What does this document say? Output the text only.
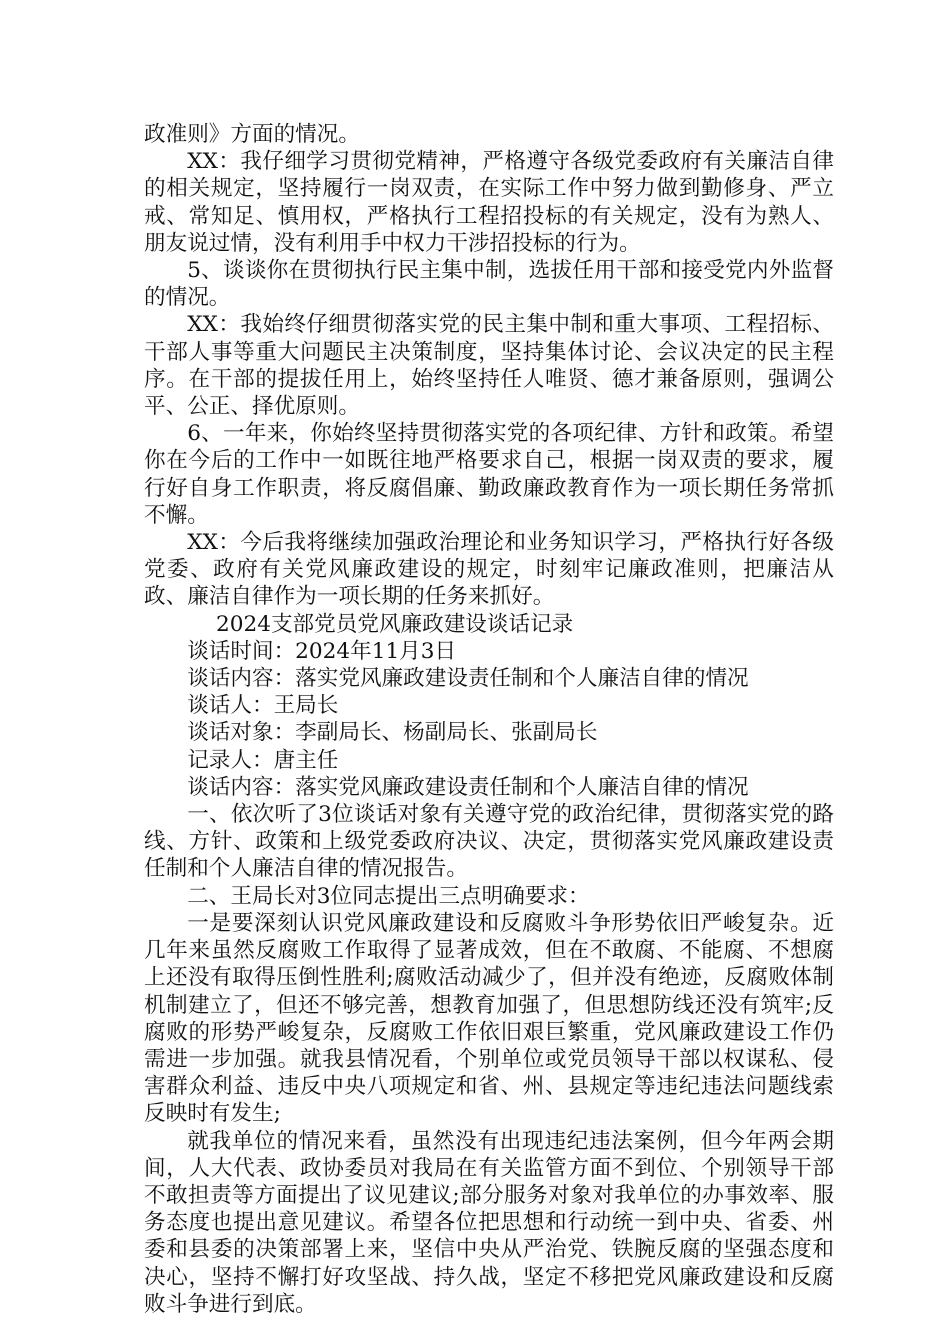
政准则》方面的情况。

XX：我仔细学习贯彻党精神，严格遵守各级党委政府有关廉洁自律的相关规定，坚持履行一岗双责，在实际工作中努力做到勤修身、严立戒、常知足、慎用权，严格执行工程招投标的有关规定，没有为熟人、朋友说过情，没有利用手中权力干涉招投标的行为。

5、谈谈你在贯彻执行民主集中制，选拔任用干部和接受党内外监督的情况。

XX：我始终仔细贯彻落实党的民主集中制和重大事项、工程招标、干部人事等重大问题民主决策制度，坚持集体讨论、会议决定的民主程序。在干部的提拔任用上，始终坚持任人唯贤、德才兼备原则，强调公平、公正、择优原则。

6、一年来，你始终坚持贯彻落实党的各项纪律、方针和政策。希望你在今后的工作中一如既往地严格要求自己，根据一岗双责的要求，履行好自身工作职责，将反腐倡廉、勤政廉政教育作为一项长期任务常抓不懈。

XX：今后我将继续加强政治理论和业务知识学习，严格执行好各级党委、政府有关党风廉政建设的规定，时刻牢记廉政准则，把廉洁从政、廉洁自律作为一项长期的任务来抓好。

2024支部党员党风廉政建设谈话记录

谈话时间：2024年11月3日

谈话内容：落实党风廉政建设责任制和个人廉洁自律的情况

谈话人：王局长

谈话对象：李副局长、杨副局长、张副局长

记录人：唐主任

谈话内容：落实党风廉政建设责任制和个人廉洁自律的情况

一、依次听了3位谈话对象有关遵守党的政治纪律，贯彻落实党的路线、方针、政策和上级党委政府决议、决定，贯彻落实党风廉政建设责任制和个人廉洁自律的情况报告。

二、王局长对3位同志提出三点明确要求：

一是要深刻认识党风廉政建设和反腐败斗争形势依旧严峻复杂。近几年来虽然反腐败工作取得了显著成效，但在不敢腐、不能腐、不想腐上还没有取得压倒性胜利;腐败活动减少了，但并没有绝迹，反腐败体制机制建立了，但还不够完善，想教育加强了，但思想防线还没有筑牢;反腐败的形势严峻复杂，反腐败工作依旧艰巨繁重，党风廉政建设工作仍需进一步加强。就我县情况看，个别单位或党员领导干部以权谋私、侵害群众利益、违反中央八项规定和省、州、县规定等违纪违法问题线索反映时有发生;

就我单位的情况来看，虽然没有出现违纪违法案例，但今年两会期间，人大代表、政协委员对我局在有关监管方面不到位、个别领导干部不敢担责等方面提出了议见建议;部分服务对象对我单位的办事效率、服务态度也提出意见建议。希望各位把思想和行动统一到中央、省委、州委和县委的决策部署上来，坚信中央从严治党、铁腕反腐的坚强态度和决心，坚持不懈打好攻坚战、持久战，坚定不移把党风廉政建设和反腐败斗争进行到底。
